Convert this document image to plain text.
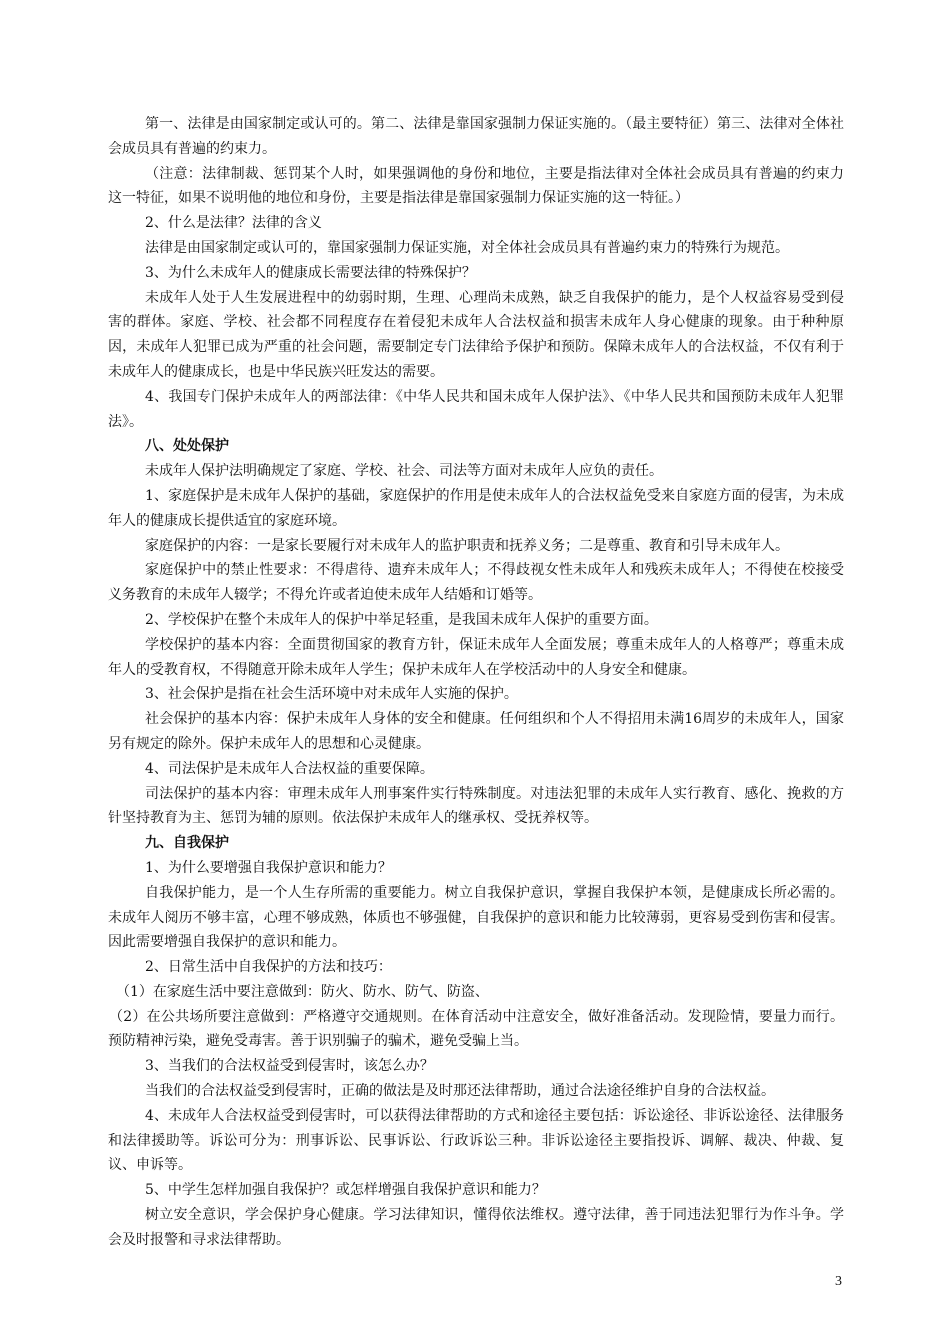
第一、法律是由国家制定或认可的。第二、法律是靠国家强制力保证实施的。（最主要特征）第三、法律对全体社会成员具有普遍的约束力。

（注意：法律制裁、惩罚某个人时，如果强调他的身份和地位，主要是指法律对全体社会成员具有普遍的约束力这一特征，如果不说明他的地位和身份，主要是指法律是靠国家强制力保证实施的这一特征。）

2、什么是法律？法律的含义

法律是由国家制定或认可的，靠国家强制力保证实施，对全体社会成员具有普遍约束力的特殊行为规范。

3、为什么未成年人的健康成长需要法律的特殊保护？

未成年人处于人生发展进程中的幼弱时期，生理、心理尚未成熟，缺乏自我保护的能力，是个人权益容易受到侵害的群体。家庭、学校、社会都不同程度存在着侵犯未成年人合法权益和损害未成年人身心健康的现象。由于种种原因，未成年人犯罪已成为严重的社会问题，需要制定专门法律给予保护和预防。保障未成年人的合法权益，不仅有利于未成年人的健康成长，也是中华民族兴旺发达的需要。

4、我国专门保护未成年人的两部法律：《中华人民共和国未成年人保护法》、《中华人民共和国预防未成年人犯罪法》。

八、处处保护

未成年人保护法明确规定了家庭、学校、社会、司法等方面对未成年人应负的责任。

1、家庭保护是未成年人保护的基础，家庭保护的作用是使未成年人的合法权益免受来自家庭方面的侵害，为未成年人的健康成长提供适宜的家庭环境。

家庭保护的内容：一是家长要履行对未成年人的监护职责和抚养义务；二是尊重、教育和引导未成年人。

家庭保护中的禁止性要求：不得虐待、遗弃未成年人；不得歧视女性未成年人和残疾未成年人；不得使在校接受义务教育的未成年人辍学；不得允许或者迫使未成年人结婚和订婚等。

2、学校保护在整个未成年人的保护中举足轻重，是我国未成年人保护的重要方面。

学校保护的基本内容：全面贯彻国家的教育方针，保证未成年人全面发展；尊重未成年人的人格尊严；尊重未成年人的受教育权，不得随意开除未成年人学生；保护未成年人在学校活动中的人身安全和健康。

3、社会保护是指在社会生活环境中对未成年人实施的保护。

社会保护的基本内容：保护未成年人身体的安全和健康。任何组织和个人不得招用未满16周岁的未成年人，国家另有规定的除外。保护未成年人的思想和心灵健康。

4、司法保护是未成年人合法权益的重要保障。

司法保护的基本内容：审理未成年人刑事案件实行特殊制度。对违法犯罪的未成年人实行教育、感化、挽救的方针坚持教育为主、惩罚为辅的原则。依法保护未成年人的继承权、受抚养权等。

九、自我保护

1、为什么要增强自我保护意识和能力？

自我保护能力，是一个人生存所需的重要能力。树立自我保护意识，掌握自我保护本领，是健康成长所必需的。未成年人阅历不够丰富，心理不够成熟，体质也不够强健，自我保护的意识和能力比较薄弱，更容易受到伤害和侵害。因此需要增强自我保护的意识和能力。

2、日常生活中自我保护的方法和技巧：

（1）在家庭生活中要注意做到：防火、防水、防气、防盗、

（2）在公共场所要注意做到：严格遵守交通规则。在体育活动中注意安全，做好准备活动。发现险情，要量力而行。预防精神污染，避免受毒害。善于识别骗子的骗术，避免受骗上当。

3、当我们的合法权益受到侵害时，该怎么办？

当我们的合法权益受到侵害时，正确的做法是及时那还法律帮助，通过合法途径维护自身的合法权益。

4、未成年人合法权益受到侵害时，可以获得法律帮助的方式和途径主要包括：诉讼途径、非诉讼途径、法律服务和法律援助等。诉讼可分为：刑事诉讼、民事诉讼、行政诉讼三种。非诉讼途径主要指投诉、调解、裁决、仲裁、复议、申诉等。

5、中学生怎样加强自我保护？或怎样增强自我保护意识和能力？

树立安全意识，学会保护身心健康。学习法律知识，懂得依法维权。遵守法律，善于同违法犯罪行为作斗争。学会及时报警和寻求法律帮助。

3
